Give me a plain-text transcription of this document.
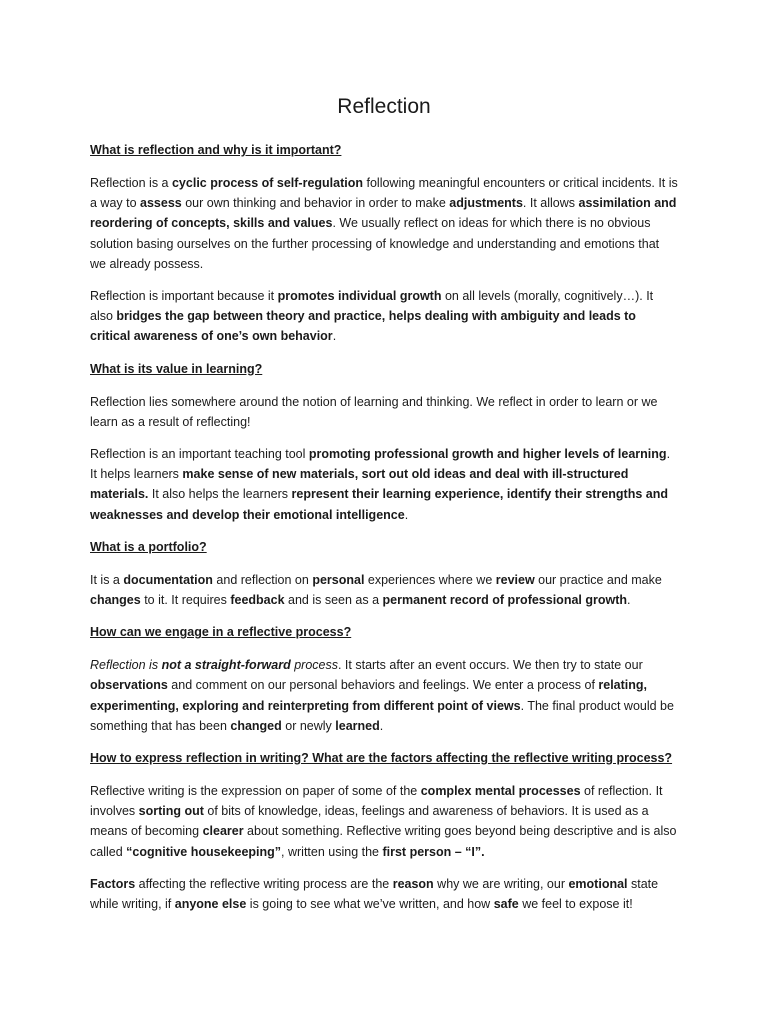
Reflection
What is reflection and why is it important?

Reflection is a cyclic process of self-regulation following meaningful encounters or critical incidents. It is a way to assess our own thinking and behavior in order to make adjustments. It allows assimilation and reordering of concepts, skills and values. We usually reflect on ideas for which there is no obvious solution basing ourselves on the further processing of knowledge and understanding and emotions that we already possess.

Reflection is important because it promotes individual growth on all levels (morally, cognitively…). It also bridges the gap between theory and practice, helps dealing with ambiguity and leads to critical awareness of one’s own behavior.

What is its value in learning?

Reflection lies somewhere around the notion of learning and thinking. We reflect in order to learn or we learn as a result of reflecting!

Reflection is an important teaching tool promoting professional growth and higher levels of learning. It helps learners make sense of new materials, sort out old ideas and deal with ill-structured materials. It also helps the learners represent their learning experience, identify their strengths and weaknesses and develop their emotional intelligence.

What is a portfolio?

It is a documentation and reflection on personal experiences where we review our practice and make changes to it. It requires feedback and is seen as a permanent record of professional growth.

How can we engage in a reflective process?

Reflection is not a straight-forward process. It starts after an event occurs. We then try to state our observations and comment on our personal behaviors and feelings. We enter a process of relating, experimenting, exploring and reinterpreting from different point of views. The final product would be something that has been changed or newly learned.

How to express reflection in writing? What are the factors affecting the reflective writing process?

Reflective writing is the expression on paper of some of the complex mental processes of reflection. It involves sorting out of bits of knowledge, ideas, feelings and awareness of behaviors. It is used as a means of becoming clearer about something. Reflective writing goes beyond being descriptive and is also called “cognitive housekeeping”, written using the first person – “I”.

Factors affecting the reflective writing process are the reason why we are writing, our emotional state while writing, if anyone else is going to see what we’ve written, and how safe we feel to expose it!
